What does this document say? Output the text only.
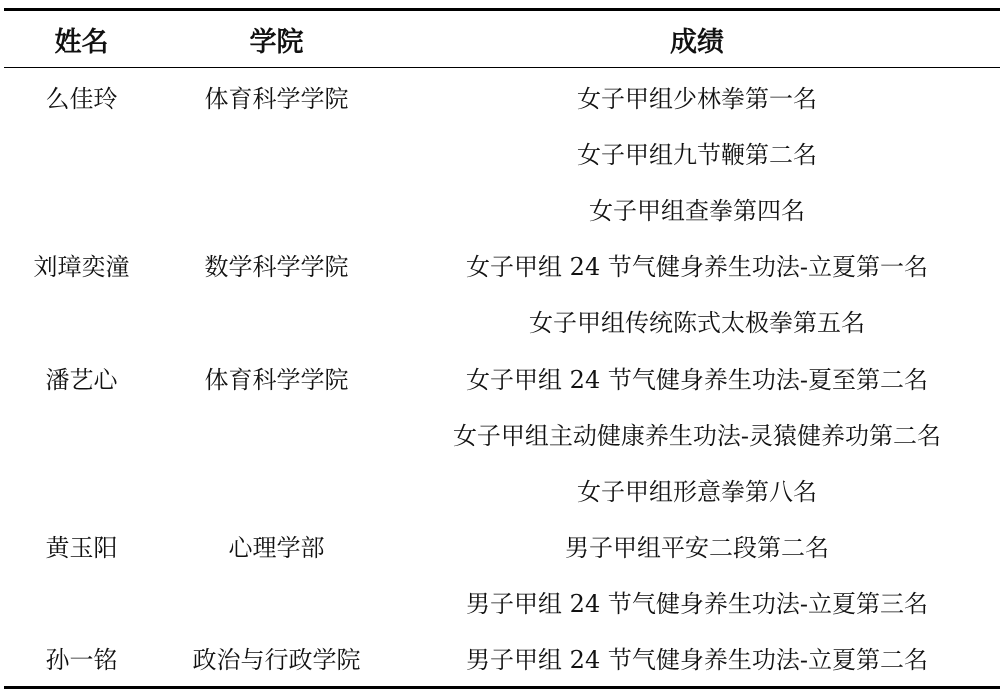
姓名	学院	成绩
么佳玲	体育科学学院	女子甲组少林拳第一名
女子甲组九节鞭第二名
女子甲组查拳第四名
刘璋奕潼	数学科学学院	女子甲组 24 节气健身养生功法-立夏第一名
女子甲组传统陈式太极拳第五名
潘艺心	体育科学学院	女子甲组 24 节气健身养生功法-夏至第二名
女子甲组主动健康养生功法-灵猿健养功第二名
女子甲组形意拳第八名
黄玉阳	心理学部	男子甲组平安二段第二名
男子甲组 24 节气健身养生功法-立夏第三名
孙一铭	政治与行政学院	男子甲组 24 节气健身养生功法-立夏第二名
